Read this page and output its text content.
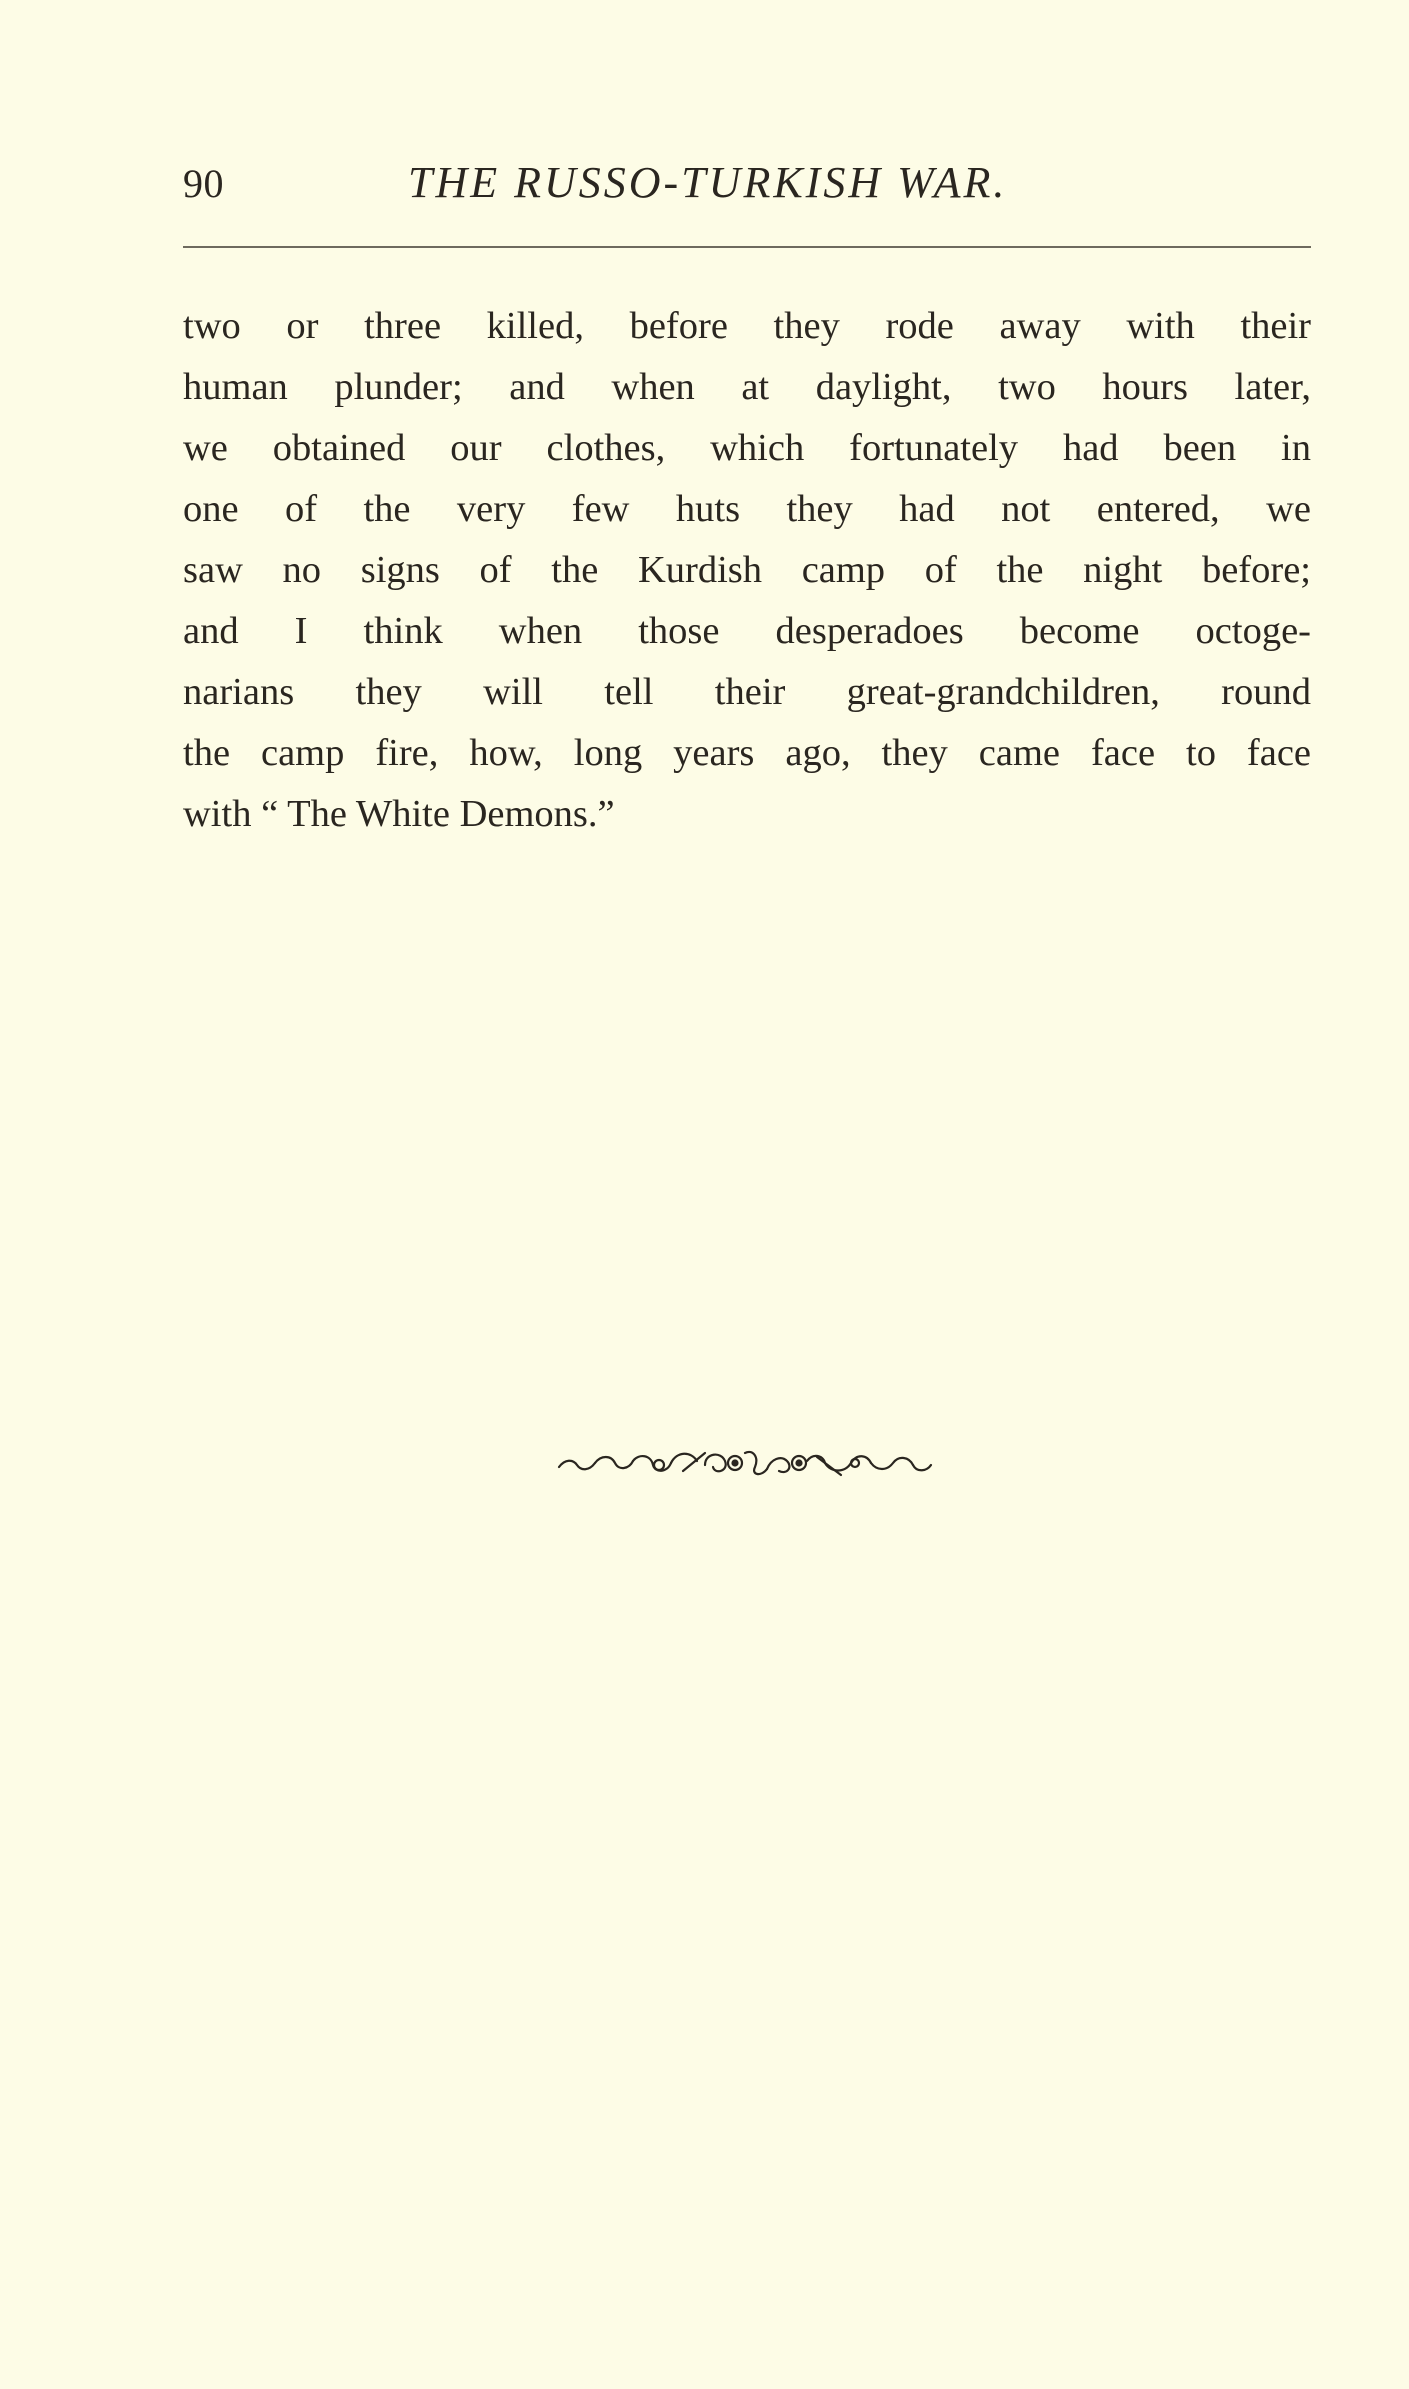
90	THE RUSSO-TURKISH WAR.
two or three killed, before they rode away with their
human plunder; and when at daylight, two hours later,
we obtained our clothes, which fortunately had been in
one of the very few huts they had not entered, we
saw no signs of the Kurdish camp of the night before;
and I think when those desperadoes become octoge-
narians they will tell their great-grandchildren, round
the camp fire, how, long years ago, they came face to face
with “ The White Demons.”
